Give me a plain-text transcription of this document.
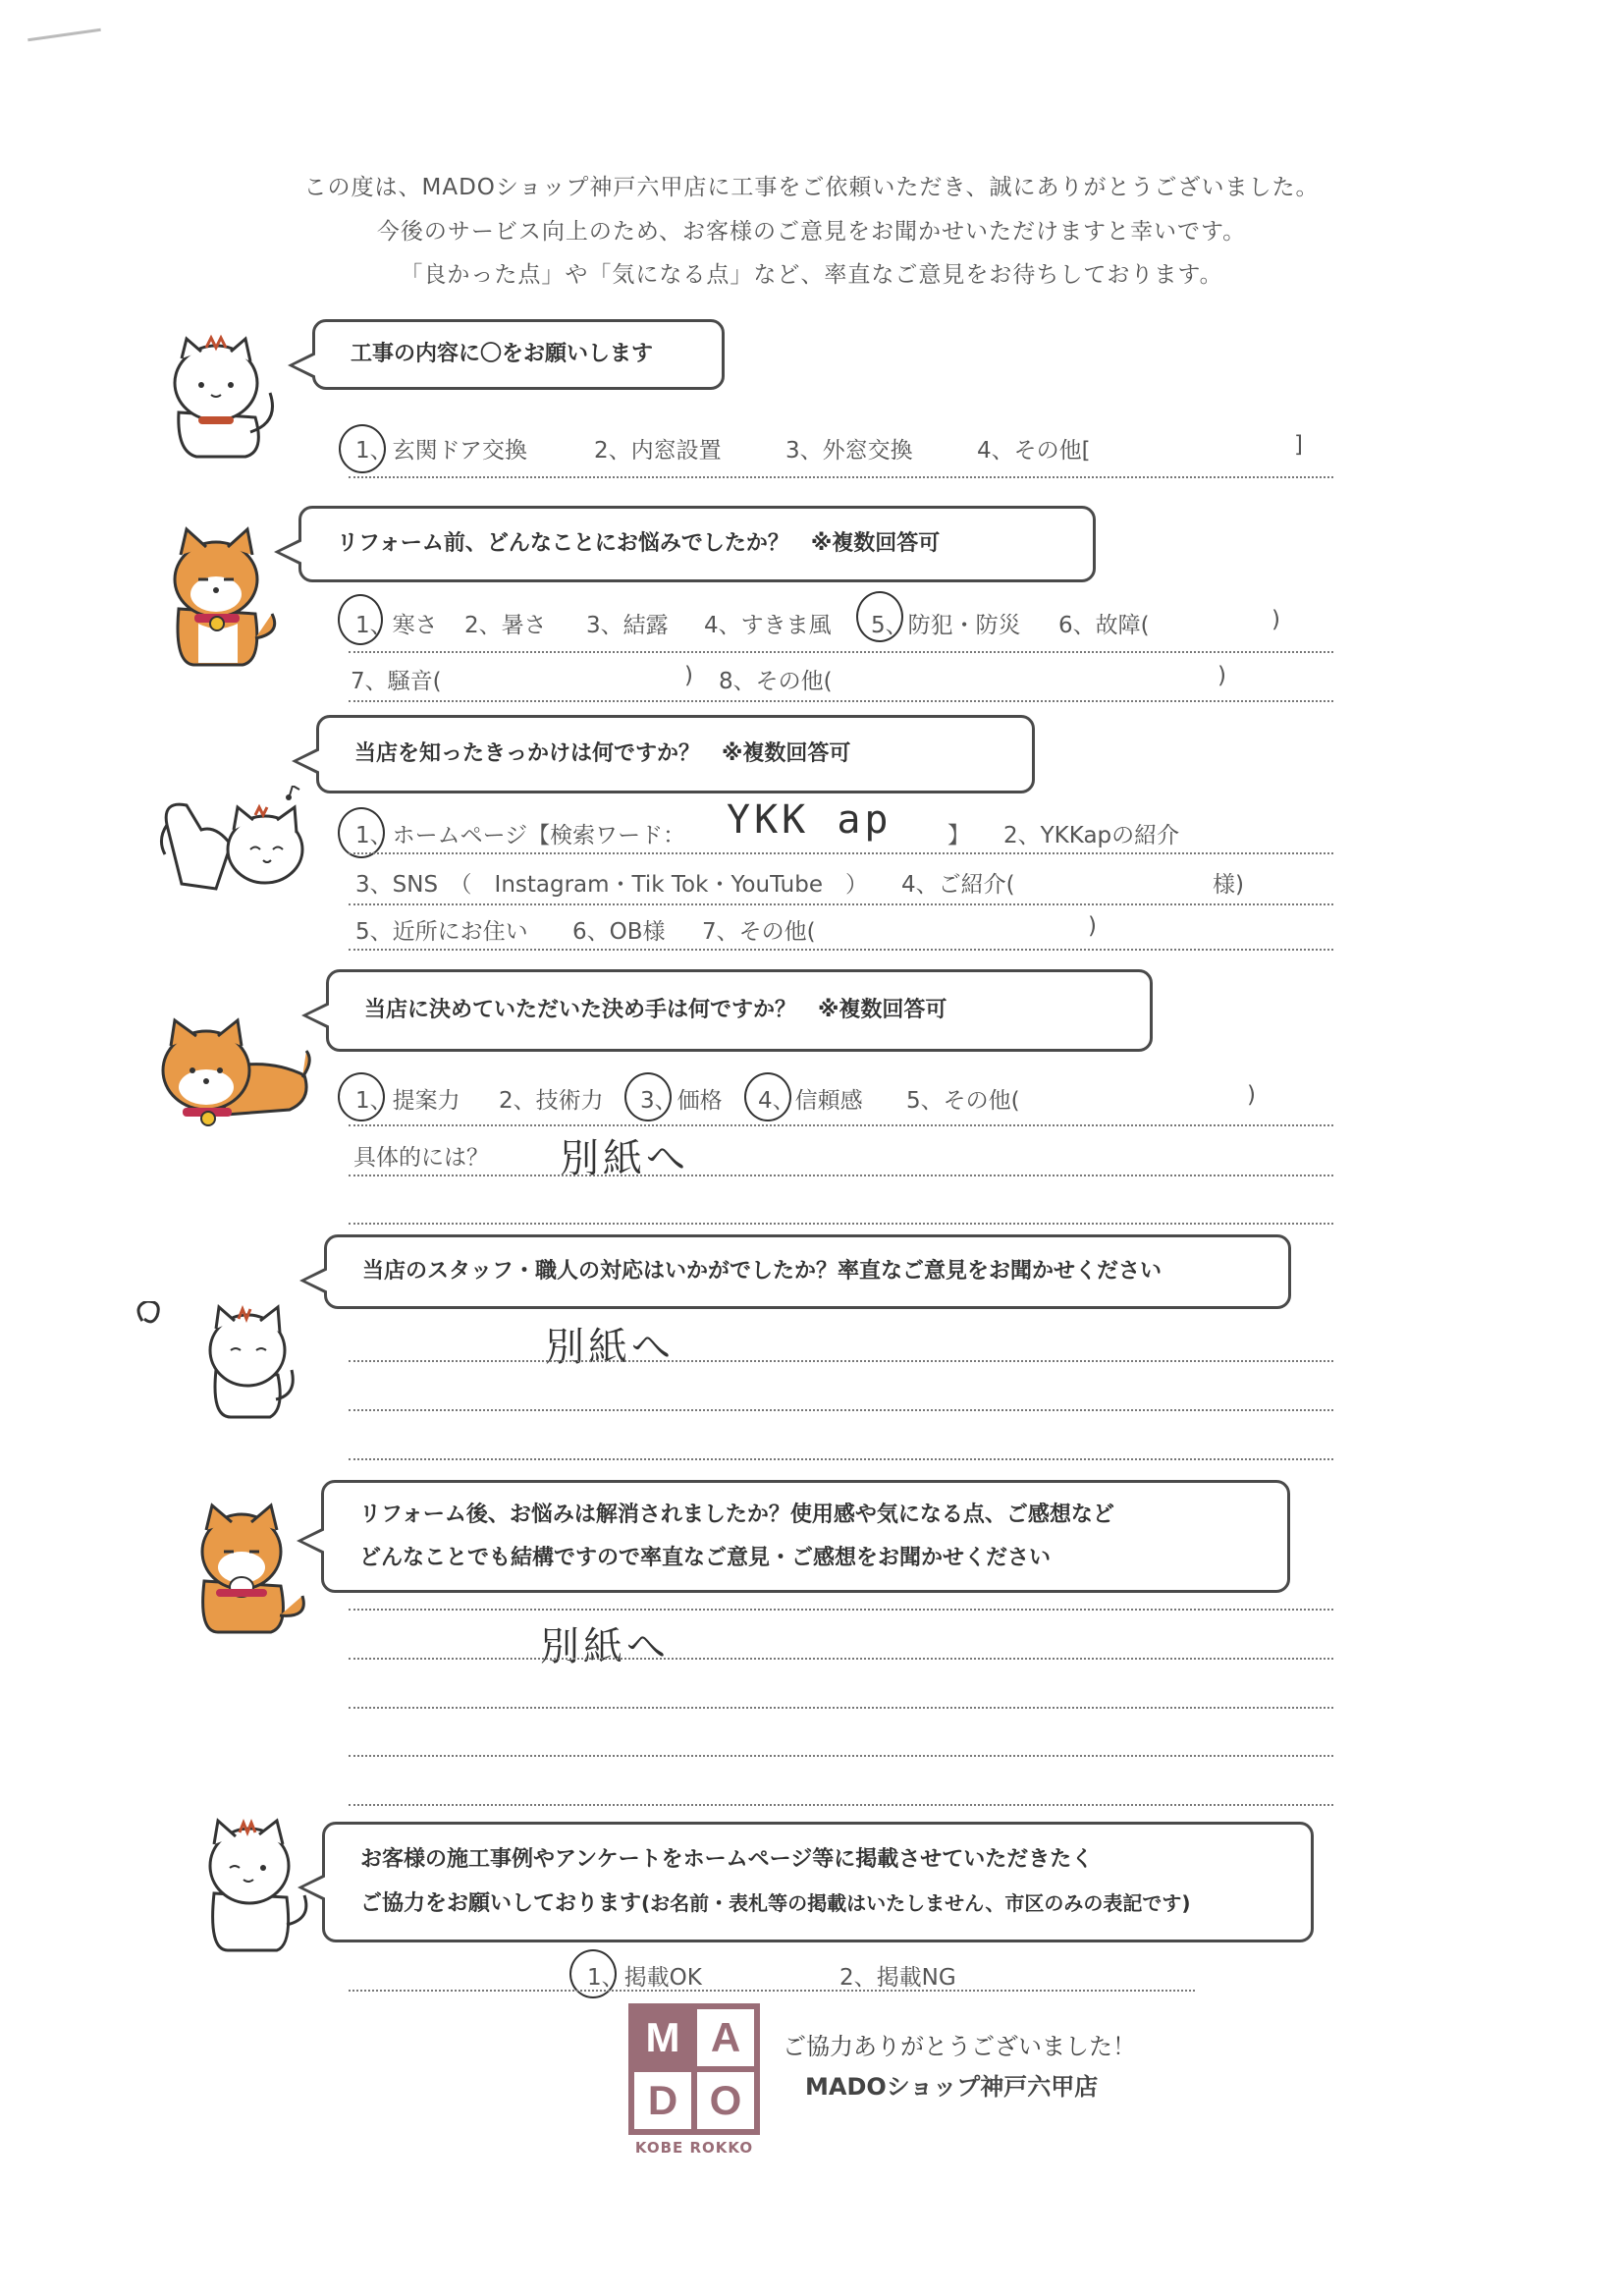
この度は、MADOショップ神戸六甲店に工事をご依頼いただき、誠にありがとうございました。
今後のサービス向上のため、お客様のご意見をお聞かせいただけますと幸いです。
「良かった点」や「気になる点」など、率直なご意見をお待ちしております。
工事の内容に〇をお願いします
1、玄関ドア交換	2、内窓設置	3、外窓交換	4、その他[	]
リフォーム前、どんなことにお悩みでしたか？　※複数回答可
1、寒さ 2、暑さ 3、結露 4、すきま風 5、防犯・防災 6、故障(	)
7、騒音(	) 8、その他(	)
当店を知ったきっかけは何ですか？　※複数回答可
1、ホームページ【検索ワード： YKK ap 】 2、YKKapの紹介
3、SNS　（　Instagram・Tik Tok・YouTube　） 4、ご紹介(	様)
5、近所にお住い 6、OB様 7、その他(	)
当店に決めていただいた決め手は何ですか？　※複数回答可
1、提案力 2、技術力 3、価格 4、信頼感 5、その他(	)
具体的には？ 別紙へ
当店のスタッフ・職人の対応はいかがでしたか？率直なご意見をお聞かせください
別紙へ
リフォーム後、お悩みは解消されましたか？使用感や気になる点、ご感想など
どんなことでも結構ですので率直なご意見・ご感想をお聞かせください
別紙へ
お客様の施工事例やアンケートをホームページ等に掲載させていただきたく
ご協力をお願いしております(お名前・表札等の掲載はいたしません、市区のみの表記です)
1、掲載OK	2、掲載NG
M A
D O
KOBE ROKKO
ご協力ありがとうございました！
MADOショップ神戸六甲店
